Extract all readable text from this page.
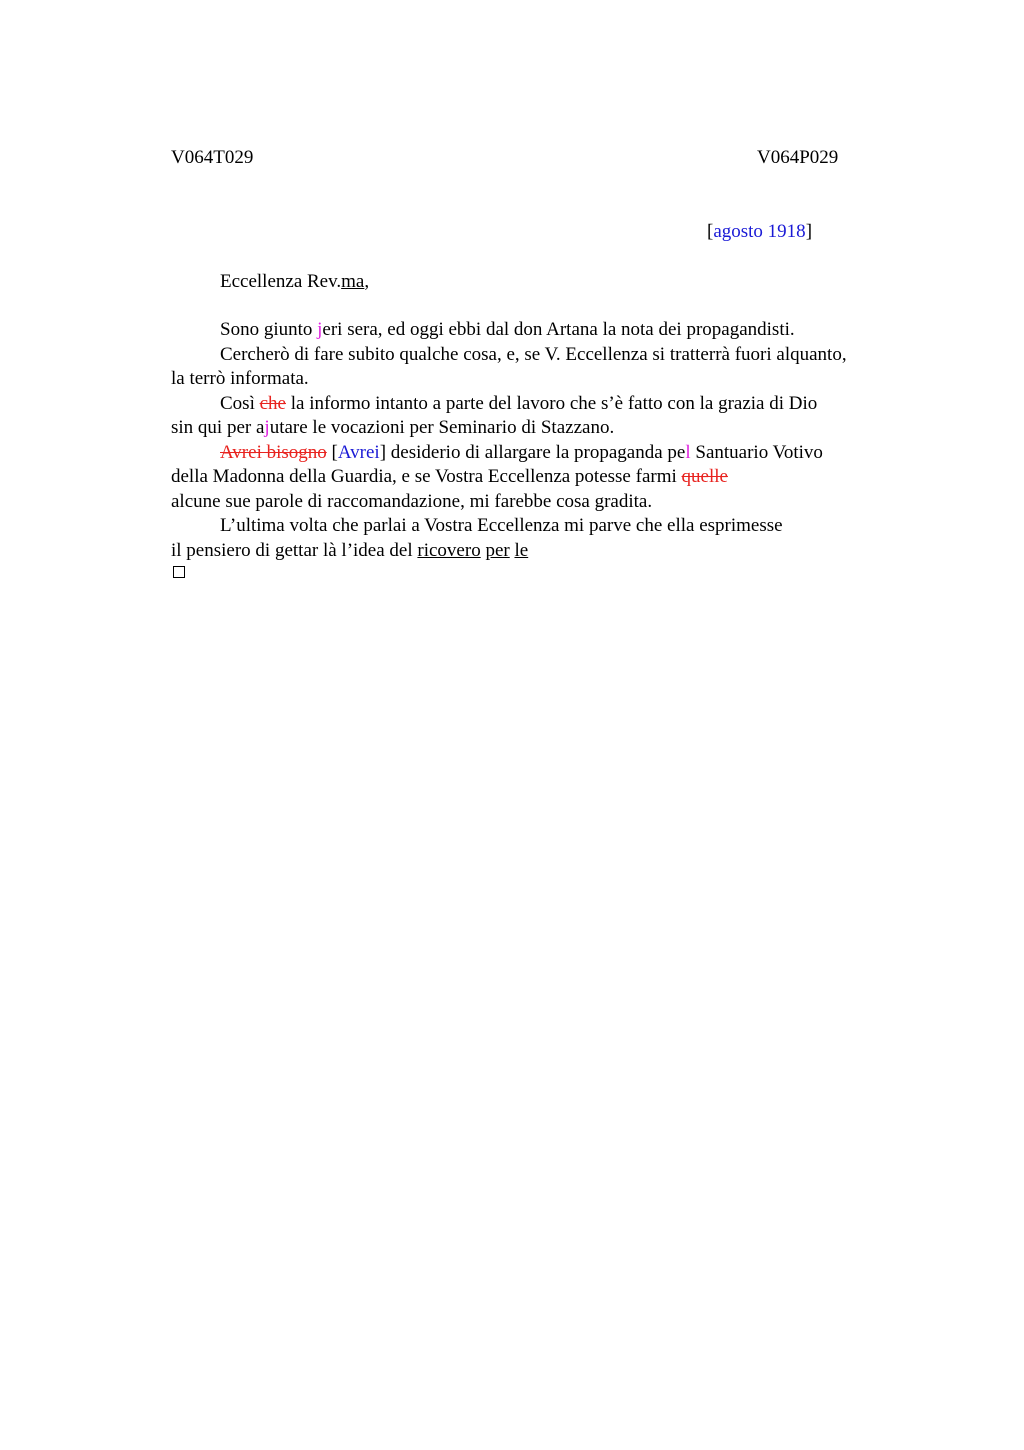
V064T029	V064P029
[agosto 1918]
Eccellenza Rev.ma,
Sono giunto jeri sera, ed oggi ebbi dal don Artana la nota dei propagandisti.
Cercherò di fare subito qualche cosa, e, se V. Eccellenza si tratterrà fuori alquanto,
la terrò informata.
Così che la informo intanto a parte del lavoro che s’è fatto con la grazia di Dio
sin qui per ajutare le vocazioni per Seminario di Stazzano.
Avrei bisogno [Avrei] desiderio di allargare la propaganda pel Santuario Votivo
della Madonna della Guardia, e se Vostra Eccellenza potesse farmi quelle
alcune sue parole di raccomandazione, mi farebbe cosa gradita.
L’ultima volta che parlai a Vostra Eccellenza mi parve che ella esprimesse
il pensiero di gettar là l’idea del ricovero per le
